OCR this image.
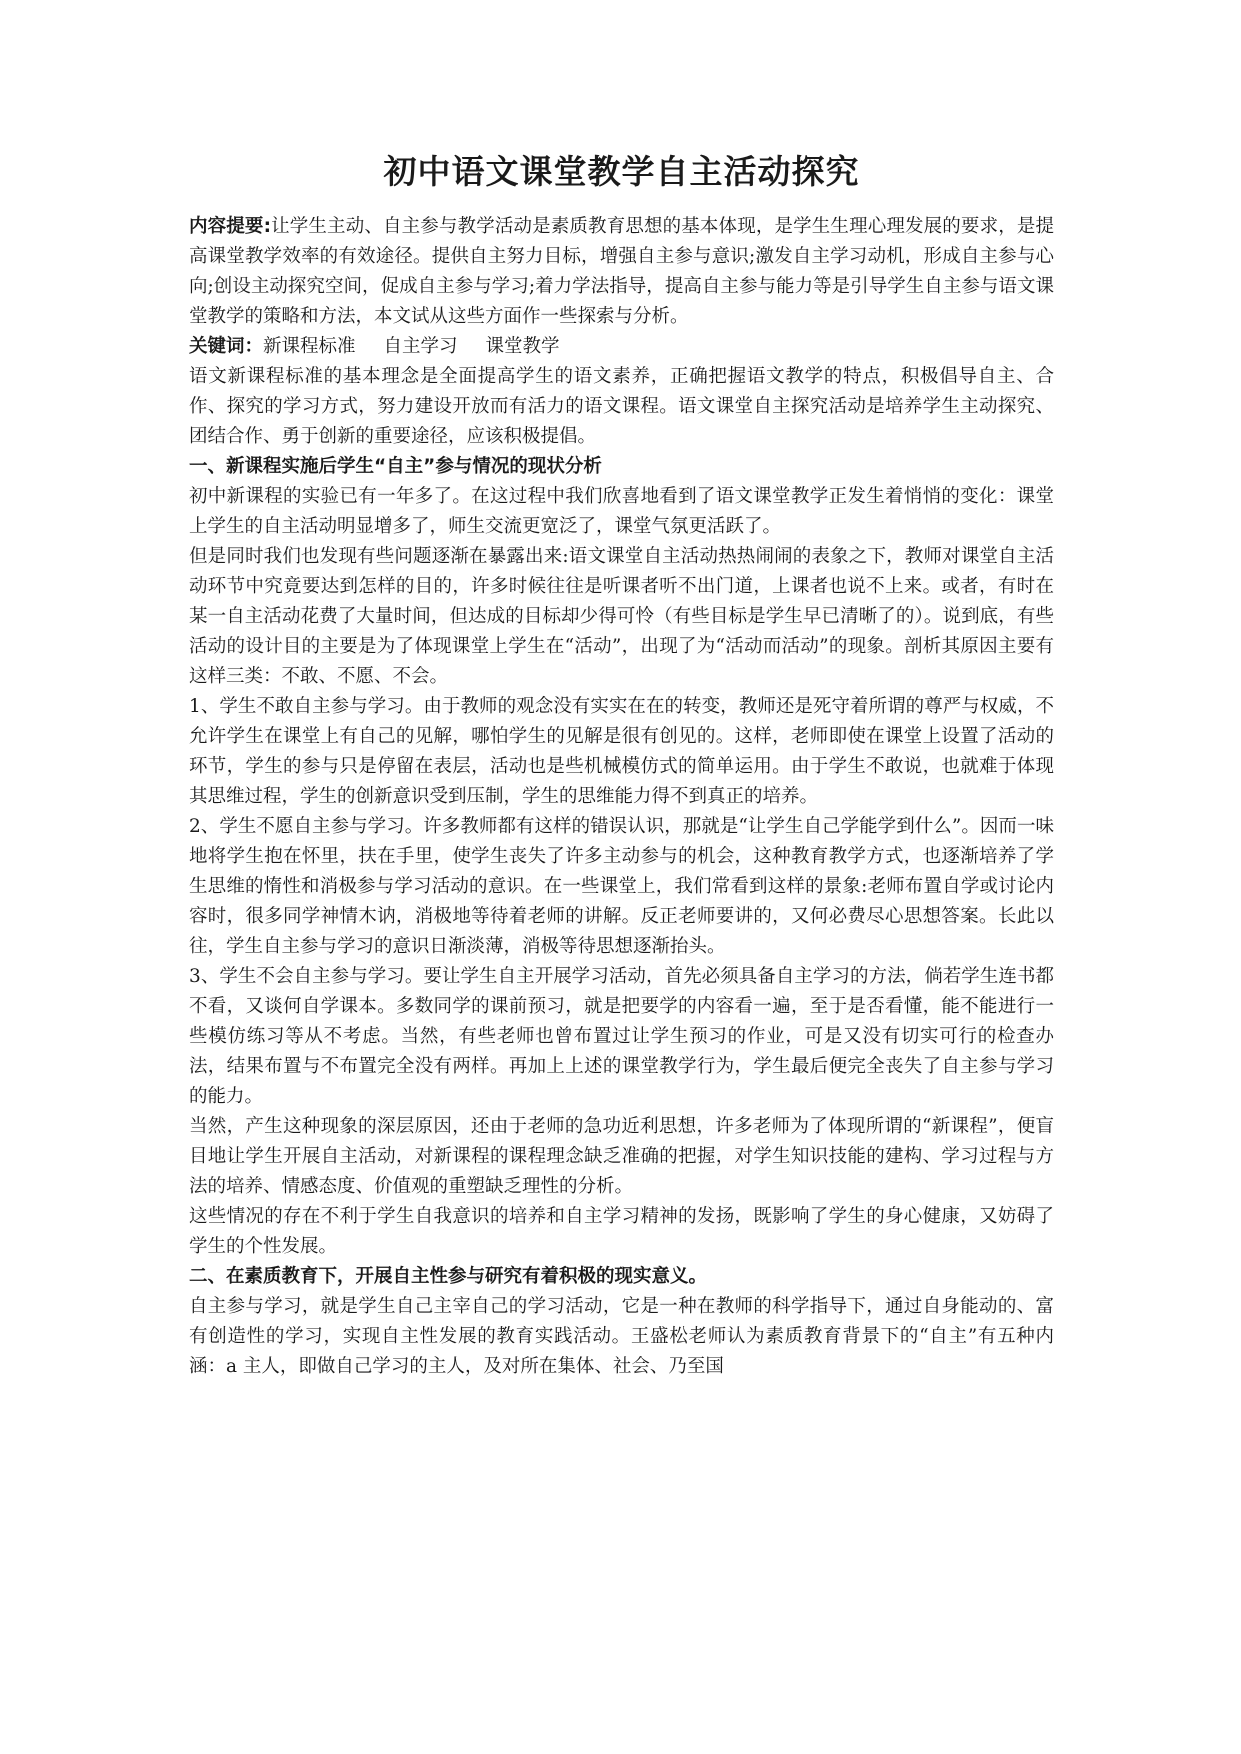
初中语文课堂教学自主活动探究

内容提要:让学生主动、自主参与教学活动是素质教育思想的基本体现，是学生生理心理发展的要求，是提高课堂教学效率的有效途径。提供自主努力目标，增强自主参与意识;激发自主学习动机，形成自主参与心向;创设主动探究空间，促成自主参与学习;着力学法指导，提高自主参与能力等是引导学生自主参与语文课堂教学的策略和方法，本文试从这些方面作一些探索与分析。

关键词：新课程标准 自主学习 课堂教学

语文新课程标准的基本理念是全面提高学生的语文素养，正确把握语文教学的特点，积极倡导自主、合作、探究的学习方式，努力建设开放而有活力的语文课程。语文课堂自主探究活动是培养学生主动探究、团结合作、勇于创新的重要途径，应该积极提倡。

一、新课程实施后学生“自主”参与情况的现状分析

初中新课程的实验已有一年多了。在这过程中我们欣喜地看到了语文课堂教学正发生着悄悄的变化：课堂上学生的自主活动明显增多了，师生交流更宽泛了，课堂气氛更活跃了。

但是同时我们也发现有些问题逐渐在暴露出来:语文课堂自主活动热热闹闹的表象之下，教师对课堂自主活动环节中究竟要达到怎样的目的，许多时候往往是听课者听不出门道，上课者也说不上来。或者，有时在某一自主活动花费了大量时间，但达成的目标却少得可怜（有些目标是学生早已清晰了的）。说到底，有些活动的设计目的主要是为了体现课堂上学生在“活动”，出现了为“活动而活动”的现象。剖析其原因主要有这样三类：不敢、不愿、不会。

1、学生不敢自主参与学习。由于教师的观念没有实实在在的转变，教师还是死守着所谓的尊严与权威，不允许学生在课堂上有自己的见解，哪怕学生的见解是很有创见的。这样，老师即使在课堂上设置了活动的环节，学生的参与只是停留在表层，活动也是些机械模仿式的简单运用。由于学生不敢说，也就难于体现其思维过程，学生的创新意识受到压制，学生的思维能力得不到真正的培养。

2、学生不愿自主参与学习。许多教师都有这样的错误认识，那就是“让学生自己学能学到什么”。因而一味地将学生抱在怀里，扶在手里，使学生丧失了许多主动参与的机会，这种教育教学方式，也逐渐培养了学生思维的惰性和消极参与学习活动的意识。在一些课堂上，我们常看到这样的景象:老师布置自学或讨论内容时，很多同学神情木讷，消极地等待着老师的讲解。反正老师要讲的，又何必费尽心思想答案。长此以往，学生自主参与学习的意识日渐淡薄，消极等待思想逐渐抬头。

3、学生不会自主参与学习。要让学生自主开展学习活动，首先必须具备自主学习的方法，倘若学生连书都不看，又谈何自学课本。多数同学的课前预习，就是把要学的内容看一遍，至于是否看懂，能不能进行一些模仿练习等从不考虑。当然，有些老师也曾布置过让学生预习的作业，可是又没有切实可行的检查办法，结果布置与不布置完全没有两样。再加上上述的课堂教学行为，学生最后便完全丧失了自主参与学习的能力。

当然，产生这种现象的深层原因，还由于老师的急功近利思想，许多老师为了体现所谓的“新课程”，便盲目地让学生开展自主活动，对新课程的课程理念缺乏准确的把握，对学生知识技能的建构、学习过程与方法的培养、情感态度、价值观的重塑缺乏理性的分析。

这些情况的存在不利于学生自我意识的培养和自主学习精神的发扬，既影响了学生的身心健康，又妨碍了学生的个性发展。

二、在素质教育下，开展自主性参与研究有着积极的现实意义。

自主参与学习，就是学生自己主宰自己的学习活动，它是一种在教师的科学指导下，通过自身能动的、富有创造性的学习，实现自主性发展的教育实践活动。王盛松老师认为素质教育背景下的“自主”有五种内涵：a 主人，即做自己学习的主人，及对所在集体、社会、乃至国
